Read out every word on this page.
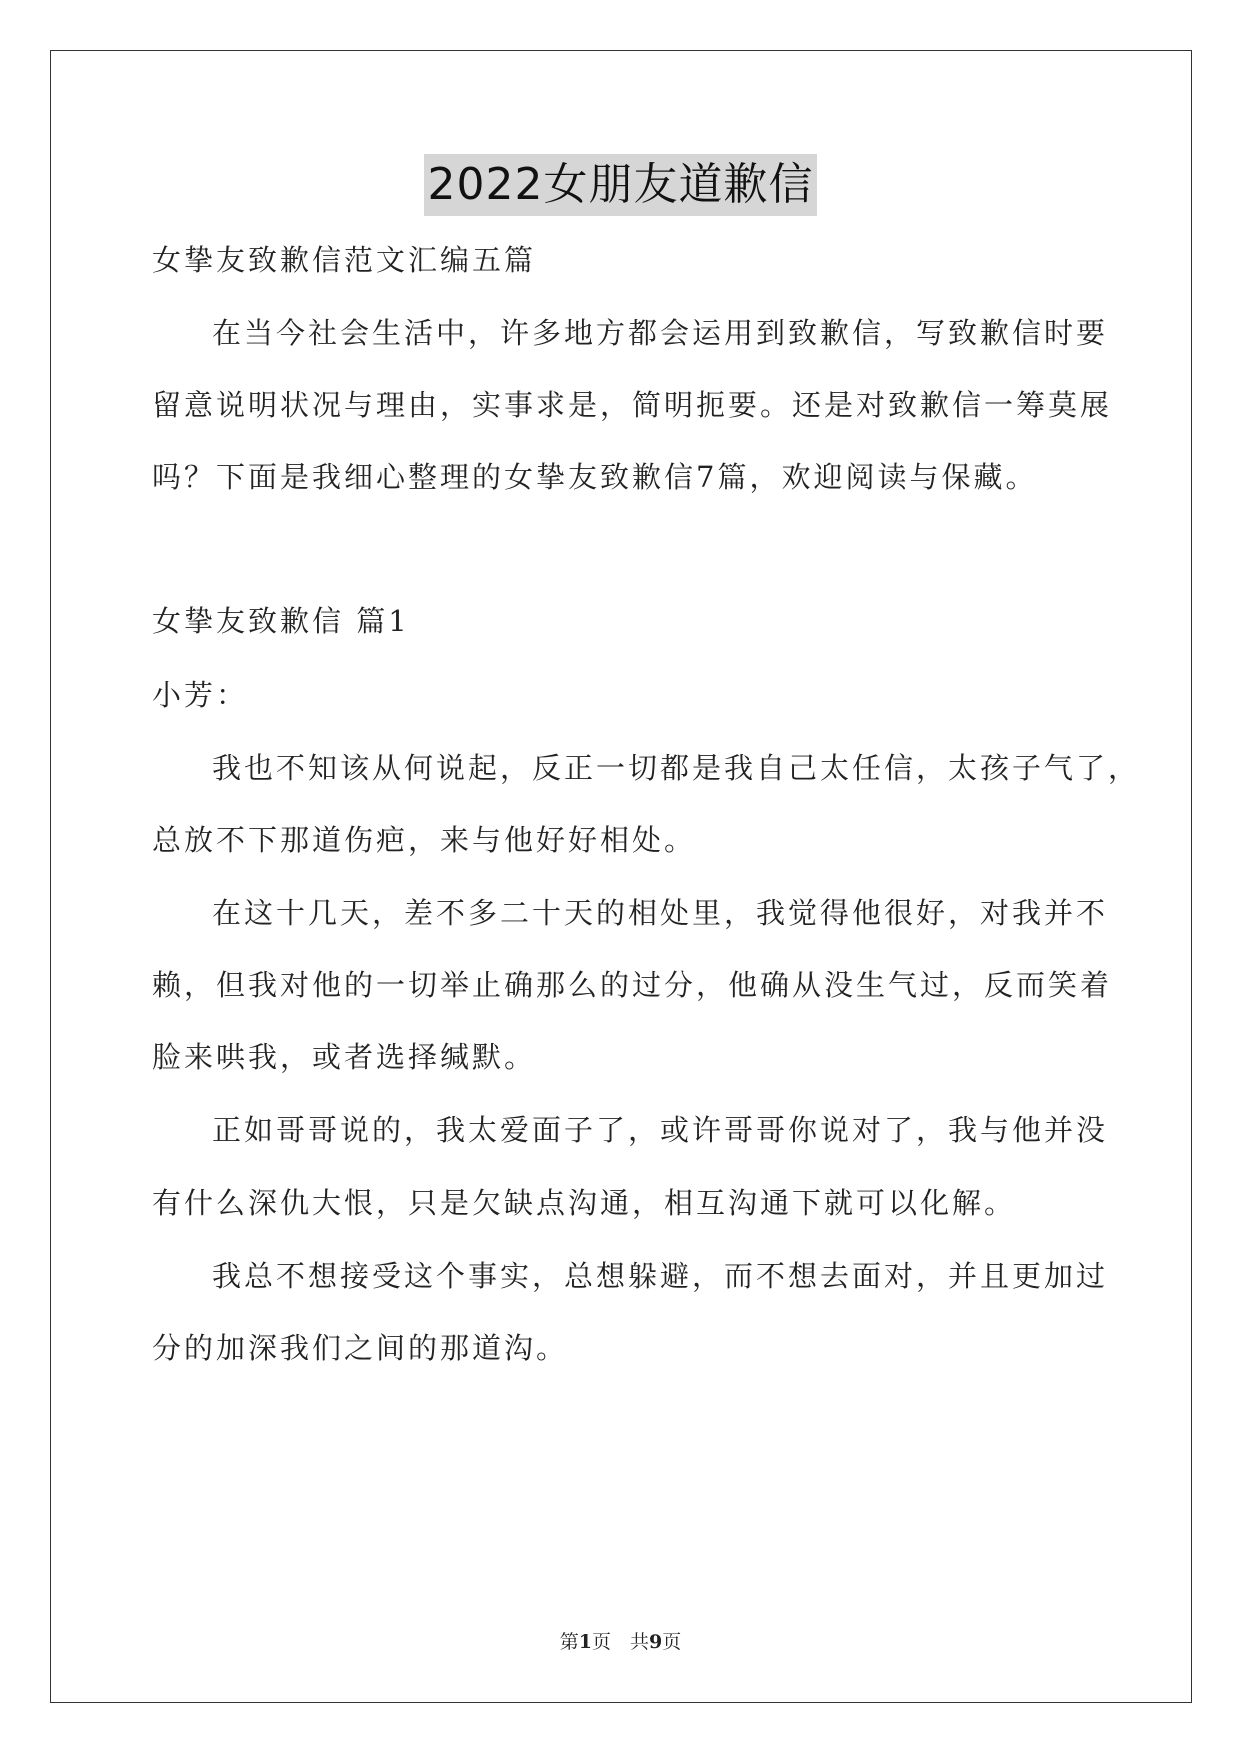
2022女朋友道歉信
女挚友致歉信范文汇编五篇
在当今社会生活中，许多地方都会运用到致歉信，写致歉信时要
留意说明状况与理由，实事求是，简明扼要。还是对致歉信一筹莫展
吗？下面是我细心整理的女挚友致歉信7篇，欢迎阅读与保藏。
女挚友致歉信 篇1
小芳：
我也不知该从何说起，反正一切都是我自己太任信，太孩子气了，
总放不下那道伤疤，来与他好好相处。
在这十几天，差不多二十天的相处里，我觉得他很好，对我并不
赖，但我对他的一切举止确那么的过分，他确从没生气过，反而笑着
脸来哄我，或者选择缄默。
正如哥哥说的，我太爱面子了，或许哥哥你说对了，我与他并没
有什么深仇大恨，只是欠缺点沟通，相互沟通下就可以化解。
我总不想接受这个事实，总想躲避，而不想去面对，并且更加过
分的加深我们之间的那道沟。
第1页　共9页
